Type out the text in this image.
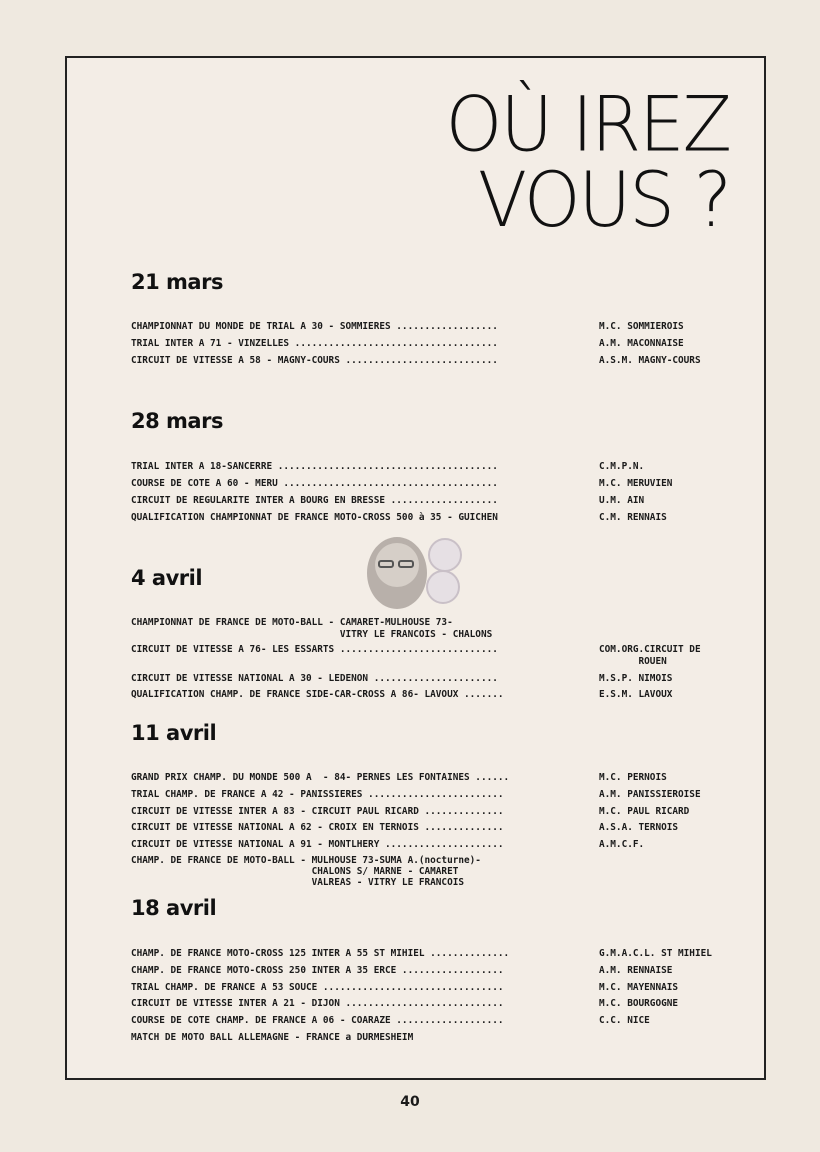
OÙ IREZ
VOUS ?
21 mars
CHAMPIONNAT DU MONDE DE TRIAL A 30 - SOMMIERES ..................	M.C. SOMMIEROIS
TRIAL INTER A 71 - VINZELLES ....................................	A.M. MACONNAISE
CIRCUIT DE VITESSE A 58 - MAGNY-COURS ...........................	A.S.M. MAGNY-COURS
28 mars
TRIAL INTER A 18-SANCERRE .......................................	C.M.P.N.
COURSE DE COTE A 60 - MERU ......................................	M.C. MERUVIEN
CIRCUIT DE REGULARITE INTER A BOURG EN BRESSE ...................	U.M. AIN
QUALIFICATION CHAMPIONNAT DE FRANCE MOTO-CROSS 500 à 35 - GUICHEN	C.M. RENNAIS
4 avril
CHAMPIONNAT DE FRANCE DE MOTO-BALL - CAMARET-MULHOUSE 73-
VITRY LE FRANCOIS - CHALONS
CIRCUIT DE VITESSE A 76- LES ESSARTS ............................	COM.ORG.CIRCUIT DE
ROUEN
CIRCUIT DE VITESSE NATIONAL A 30 - LEDENON ......................	M.S.P. NIMOIS
QUALIFICATION CHAMP. DE FRANCE SIDE-CAR-CROSS A 86- LAVOUX .......	E.S.M. LAVOUX
11 avril
GRAND PRIX CHAMP. DU MONDE 500 A  - 84- PERNES LES FONTAINES ......	M.C. PERNOIS
TRIAL CHAMP. DE FRANCE A 42 - PANISSIERES ........................	A.M. PANISSIEROISE
CIRCUIT DE VITESSE INTER A 83 - CIRCUIT PAUL RICARD ..............	M.C. PAUL RICARD
CIRCUIT DE VITESSE NATIONAL A 62 - CROIX EN TERNOIS ..............	A.S.A. TERNOIS
CIRCUIT DE VITESSE NATIONAL A 91 - MONTLHERY .....................	A.M.C.F.
CHAMP. DE FRANCE DE MOTO-BALL - MULHOUSE 73-SUMA A.(nocturne)-
CHALONS S/ MARNE - CAMARET
VALREAS - VITRY LE FRANCOIS
18 avril
CHAMP. DE FRANCE MOTO-CROSS 125 INTER A 55 ST MIHIEL ..............	G.M.A.C.L. ST MIHIEL
CHAMP. DE FRANCE MOTO-CROSS 250 INTER A 35 ERCE ..................	A.M. RENNAISE
TRIAL CHAMP. DE FRANCE A 53 SOUCE ................................	M.C. MAYENNAIS
CIRCUIT DE VITESSE INTER A 21 - DIJON ............................	M.C. BOURGOGNE
COURSE DE COTE CHAMP. DE FRANCE A 06 - COARAZE ...................	C.C. NICE
MATCH DE MOTO BALL ALLEMAGNE - FRANCE a DURMESHEIM
40
